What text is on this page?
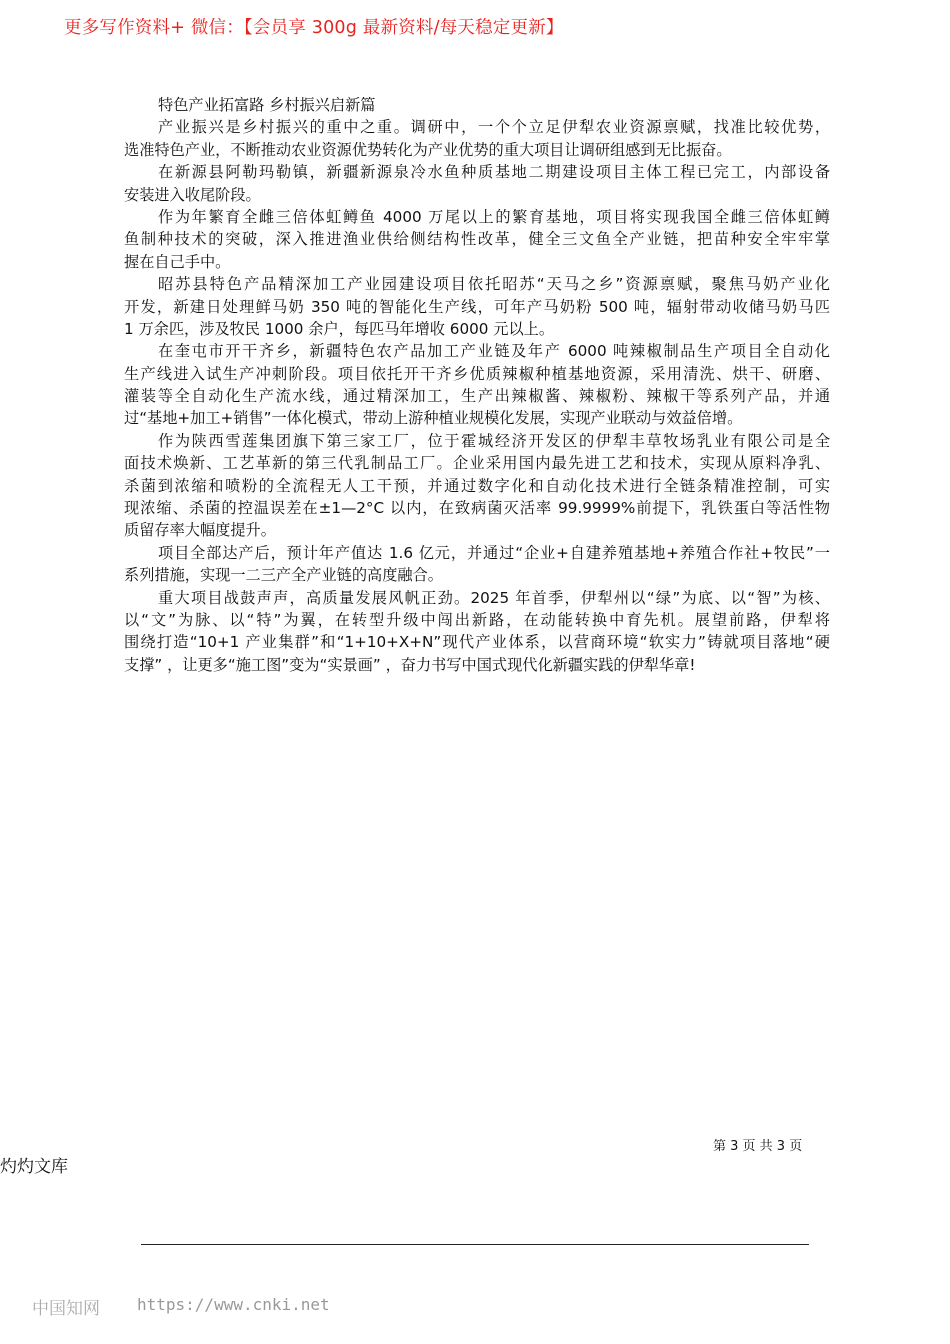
更多写作资料+ 微信：【会员享 300g 最新资料/每天稳定更新】
特色产业拓富路 乡村振兴启新篇
产业振兴是乡村振兴的重中之重。调研中，一个个立足伊犁农业资源禀赋，找准比较优势，
选准特色产业，不断推动农业资源优势转化为产业优势的重大项目让调研组感到无比振奋。
在新源县阿勒玛勒镇，新疆新源泉冷水鱼种质基地二期建设项目主体工程已完工，内部设备
安装进入收尾阶段。
作为年繁育全雌三倍体虹鳟鱼 4000 万尾以上的繁育基地，项目将实现我国全雌三倍体虹鳟
鱼制种技术的突破，深入推进渔业供给侧结构性改革，健全三文鱼全产业链，把苗种安全牢牢掌
握在自己手中。
昭苏县特色产品精深加工产业园建设项目依托昭苏“天马之乡”资源禀赋，聚焦马奶产业化
开发，新建日处理鲜马奶 350 吨的智能化生产线，可年产马奶粉 500 吨，辐射带动收储马奶马匹
1 万余匹，涉及牧民 1000 余户，每匹马年增收 6000 元以上。
在奎屯市开干齐乡，新疆特色农产品加工产业链及年产 6000 吨辣椒制品生产项目全自动化
生产线进入试生产冲刺阶段。项目依托开干齐乡优质辣椒种植基地资源，采用清洗、烘干、研磨、
灌装等全自动化生产流水线，通过精深加工，生产出辣椒酱、辣椒粉、辣椒干等系列产品，并通
过“基地+加工+销售”一体化模式，带动上游种植业规模化发展，实现产业联动与效益倍增。
作为陕西雪莲集团旗下第三家工厂，位于霍城经济开发区的伊犁丰草牧场乳业有限公司是全
面技术焕新、工艺革新的第三代乳制品工厂。企业采用国内最先进工艺和技术，实现从原料净乳、
杀菌到浓缩和喷粉的全流程无人工干预，并通过数字化和自动化技术进行全链条精准控制，可实
现浓缩、杀菌的控温误差在±1—2°C 以内，在致病菌灭活率 99.9999%前提下，乳铁蛋白等活性物
质留存率大幅度提升。
项目全部达产后，预计年产值达 1.6 亿元，并通过“企业+自建养殖基地+养殖合作社+牧民”一
系列措施，实现一二三产全产业链的高度融合。
重大项目战鼓声声，高质量发展风帆正劲。2025 年首季，伊犁州以“绿”为底、以“智”为核、
以“文”为脉、以“特”为翼，在转型升级中闯出新路，在动能转换中育先机。展望前路，伊犁将
围绕打造“10+1 产业集群”和“1+10+X+N”现代产业体系，以营商环境“软实力”铸就项目落地“硬
支撑” ，让更多“施工图”变为“实景画” ，奋力书写中国式现代化新疆实践的伊犁华章!
第 3 页 共 3 页
灼灼文库
中国知网 https://www.cnki.net
